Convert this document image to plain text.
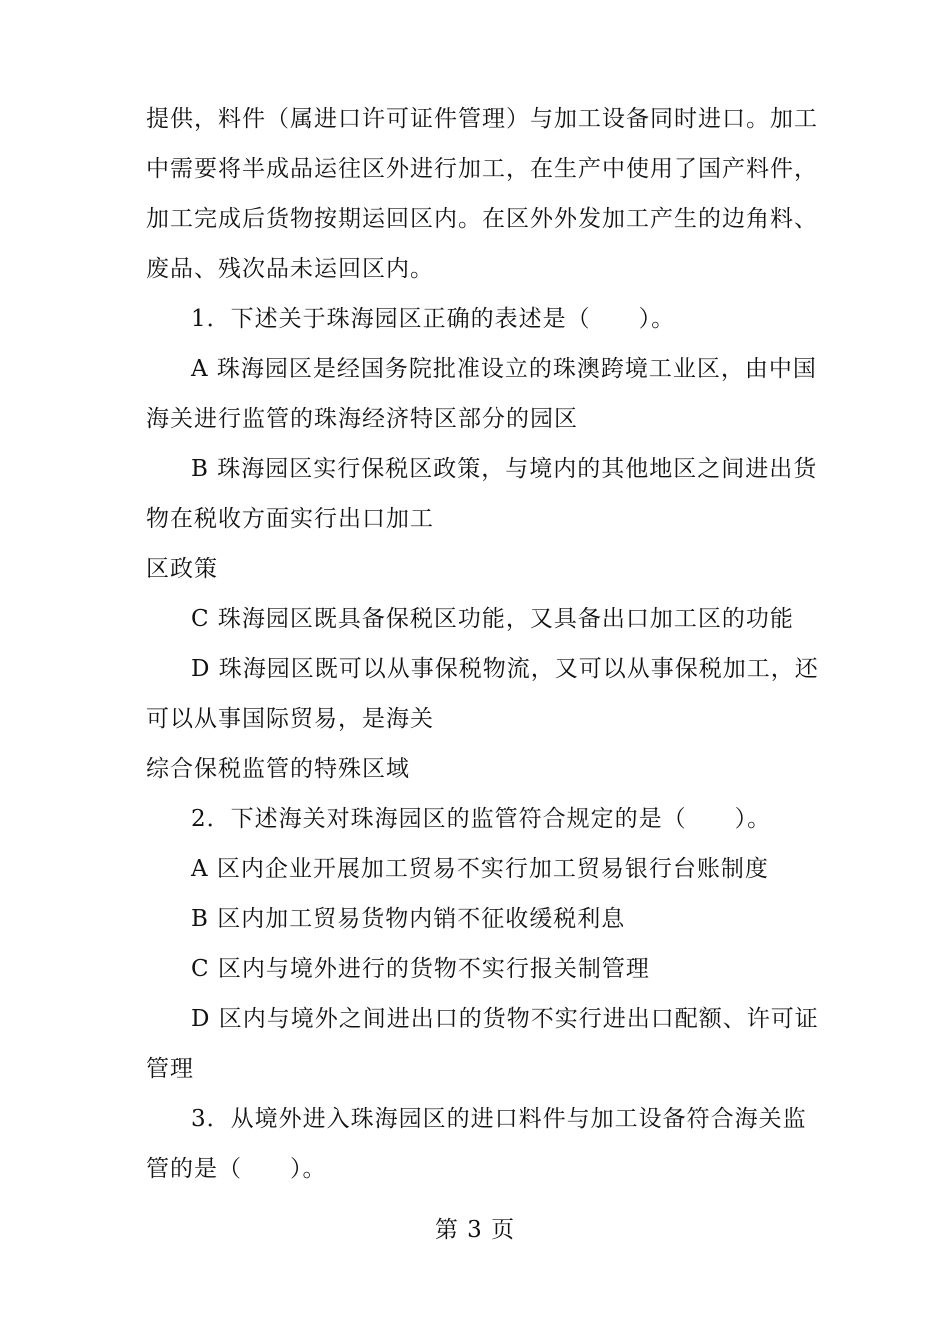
提供，料件（属进口许可证件管理）与加工设备同时进口。加工
中需要将半成品运往区外进行加工，在生产中使用了国产料件，
加工完成后货物按期运回区内。在区外外发加工产生的边角料、
废品、残次品未运回区内。
1．下述关于珠海园区正确的表述是（　　）。
A 珠海园区是经国务院批准设立的珠澳跨境工业区，由中国
海关进行监管的珠海经济特区部分的园区
B 珠海园区实行保税区政策，与境内的其他地区之间进出货
物在税收方面实行出口加工
区政策
C 珠海园区既具备保税区功能，又具备出口加工区的功能
D 珠海园区既可以从事保税物流，又可以从事保税加工，还
可以从事国际贸易，是海关
综合保税监管的特殊区域
2．下述海关对珠海园区的监管符合规定的是（　　）。
A 区内企业开展加工贸易不实行加工贸易银行台账制度
B 区内加工贸易货物内销不征收缓税利息
C 区内与境外进行的货物不实行报关制管理
D 区内与境外之间进出口的货物不实行进出口配额、许可证
管理
3．从境外进入珠海园区的进口料件与加工设备符合海关监
管的是（　　）。
第 3 页
